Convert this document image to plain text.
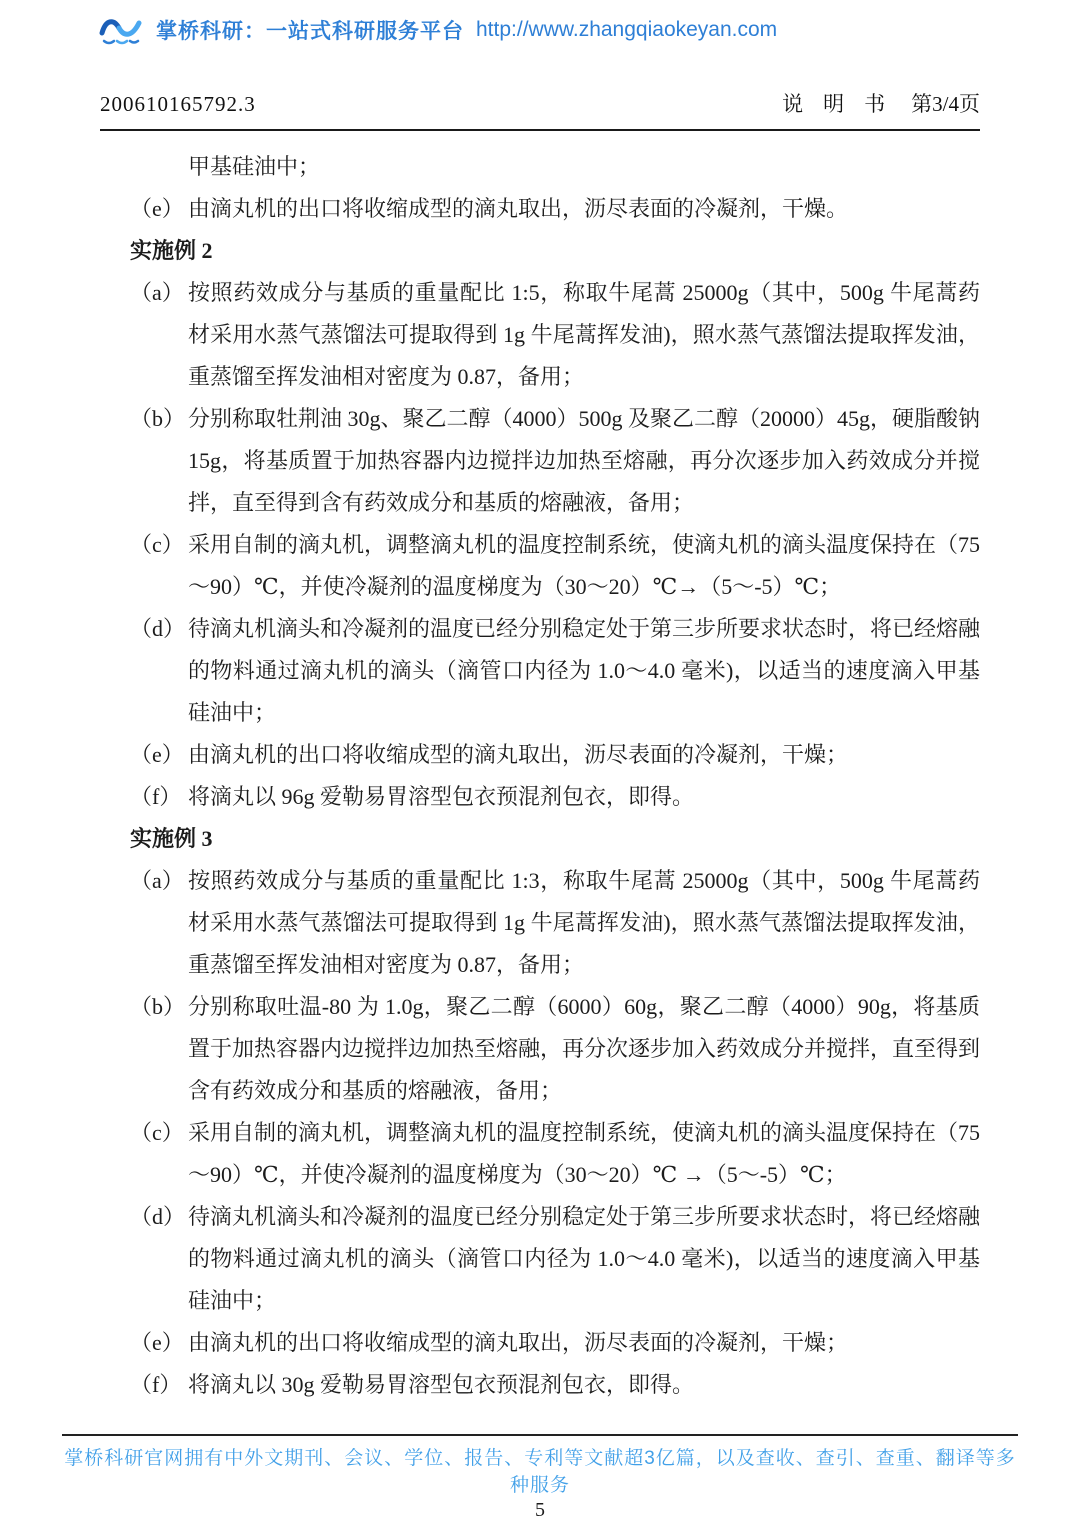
掌桥科研：一站式科研服务平台 http://www.zhangqiaokeyan.com
200610165792.3	说明书 第3/4页

甲基硅油中；

（e） 由滴丸机的出口将收缩成型的滴丸取出，沥尽表面的冷凝剂，干燥。
实施例 2
（a） 按照药效成分与基质的重量配比 1:5，称取牛尾蒿 25000g（其中，500g 牛尾蒿药材采用水蒸气蒸馏法可提取得到 1g 牛尾蒿挥发油)，照水蒸气蒸馏法提取挥发油，重蒸馏至挥发油相对密度为 0.87，备用；
（b） 分别称取牡荆油 30g、聚乙二醇（4000）500g 及聚乙二醇（20000）45g，硬脂酸钠 15g，将基质置于加热容器内边搅拌边加热至熔融，再分次逐步加入药效成分并搅拌，直至得到含有药效成分和基质的熔融液，备用；
（c） 采用自制的滴丸机，调整滴丸机的温度控制系统，使滴丸机的滴头温度保持在（75～90）℃，并使冷凝剂的温度梯度为（30～20）℃→（5～-5）℃；
（d） 待滴丸机滴头和冷凝剂的温度已经分别稳定处于第三步所要求状态时，将已经熔融的物料通过滴丸机的滴头（滴管口内径为 1.0～4.0 毫米)，以适当的速度滴入甲基硅油中；
（e） 由滴丸机的出口将收缩成型的滴丸取出，沥尽表面的冷凝剂，干燥；
（f） 将滴丸以 96g 爱勒易胃溶型包衣预混剂包衣，即得。
实施例 3
（a） 按照药效成分与基质的重量配比 1:3，称取牛尾蒿 25000g（其中，500g 牛尾蒿药材采用水蒸气蒸馏法可提取得到 1g 牛尾蒿挥发油)，照水蒸气蒸馏法提取挥发油，重蒸馏至挥发油相对密度为 0.87，备用；
（b） 分别称取吐温-80 为 1.0g，聚乙二醇（6000）60g，聚乙二醇（4000）90g，将基质置于加热容器内边搅拌边加热至熔融，再分次逐步加入药效成分并搅拌，直至得到含有药效成分和基质的熔融液，备用；
（c） 采用自制的滴丸机，调整滴丸机的温度控制系统，使滴丸机的滴头温度保持在（75～90）℃，并使冷凝剂的温度梯度为（30～20）℃ →（5～-5）℃；
（d） 待滴丸机滴头和冷凝剂的温度已经分别稳定处于第三步所要求状态时，将已经熔融的物料通过滴丸机的滴头（滴管口内径为 1.0～4.0 毫米)，以适当的速度滴入甲基硅油中；
（e） 由滴丸机的出口将收缩成型的滴丸取出，沥尽表面的冷凝剂，干燥；
（f） 将滴丸以 30g 爱勒易胃溶型包衣预混剂包衣，即得。
掌桥科研官网拥有中外文期刊、会议、学位、报告、专利等文献超3亿篇，以及查收、查引、查重、翻译等多种服务
5
